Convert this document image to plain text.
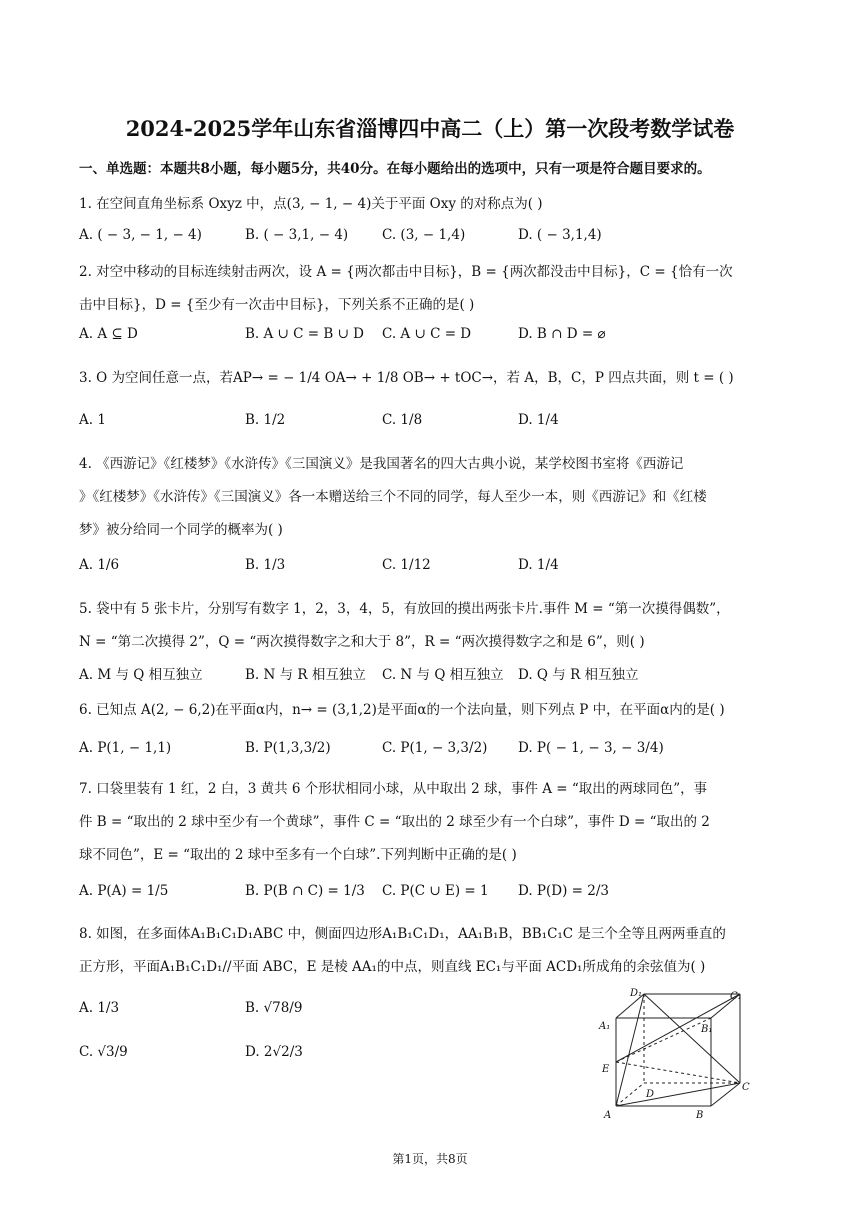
2024-2025学年山东省淄博四中高二（上）第一次段考数学试卷
一、单选题：本题共8小题，每小题5分，共40分。在每小题给出的选项中，只有一项是符合题目要求的。
1. 在空间直角坐标系 Oxyz 中，点(3, − 1, − 4)关于平面 Oxy 的对称点为( )
A. ( − 3, − 1, − 4)	B. ( − 3,1, − 4)	C. (3, − 1,4)	D. ( − 3,1,4)
2. 对空中移动的目标连续射击两次，设 A = {两次都击中目标}，B = {两次都没击中目标}，C = {恰有一次
击中目标}，D = {至少有一次击中目标}，下列关系不正确的是( )
A. A ⊆ D	B. A ∪ C = B ∪ D C. A ∪ C = D	D. B ∩ D = ⌀
3. O 为空间任意一点，若AP→ = − 1/4 OA→ + 1/8 OB→ + tOC→，若 A，B，C，P 四点共面，则 t = ( )
A. 1	B. 1/2	C. 1/8	D. 1/4
4. 《西游记》《红楼梦》《水浒传》《三国演义》是我国著名的四大古典小说，某学校图书室将《西游记
》《红楼梦》《水浒传》《三国演义》各一本赠送给三个不同的同学，每人至少一本，则《西游记》和《红楼
梦》被分给同一个同学的概率为( )
A. 1/6	B. 1/3	C. 1/12	D. 1/4
5. 袋中有 5 张卡片，分别写有数字 1，2，3，4，5，有放回的摸出两张卡片.事件 M = “第一次摸得偶数”，
N = “第二次摸得 2”，Q = “两次摸得数字之和大于 8”，R = “两次摸得数字之和是 6”，则( )
A. M 与 Q 相互独立	B. N 与 R 相互独立 C. N 与 Q 相互独立 D. Q 与 R 相互独立
6. 已知点 A(2, − 6,2)在平面α内，n→ = (3,1,2)是平面α的一个法向量，则下列点 P 中，在平面α内的是( )
A. P(1, − 1,1)	B. P(1,3,3/2)	C. P(1, − 3,3/2) D. P( − 1, − 3, − 3/4)
7. 口袋里装有 1 红，2 白，3 黄共 6 个形状相同小球，从中取出 2 球，事件 A = “取出的两球同色”，事
件 B = “取出的 2 球中至少有一个黄球”，事件 C = “取出的 2 球至少有一个白球”，事件 D = “取出的 2
球不同色”，E = “取出的 2 球中至多有一个白球”.下列判断中正确的是( )
A. P(A) = 1/5	B. P(B ∩ C) = 1/3 C. P(C ∪ E) = 1 D. P(D) = 2/3
8. 如图，在多面体A₁B₁C₁D₁ABC 中，侧面四边形A₁B₁C₁D₁，AA₁B₁B，BB₁C₁C 是三个全等且两两垂直的
正方形，平面A₁B₁C₁D₁//平面 ABC，E 是棱 AA₁的中点，则直线 EC₁与平面 ACD₁所成角的余弦值为( )
A. 1/3	B. √78/9
C. √3/9	D. 2√2/3
D₁	C₁
A₁	B₁
E
D
C
A	B
第1页，共8页
